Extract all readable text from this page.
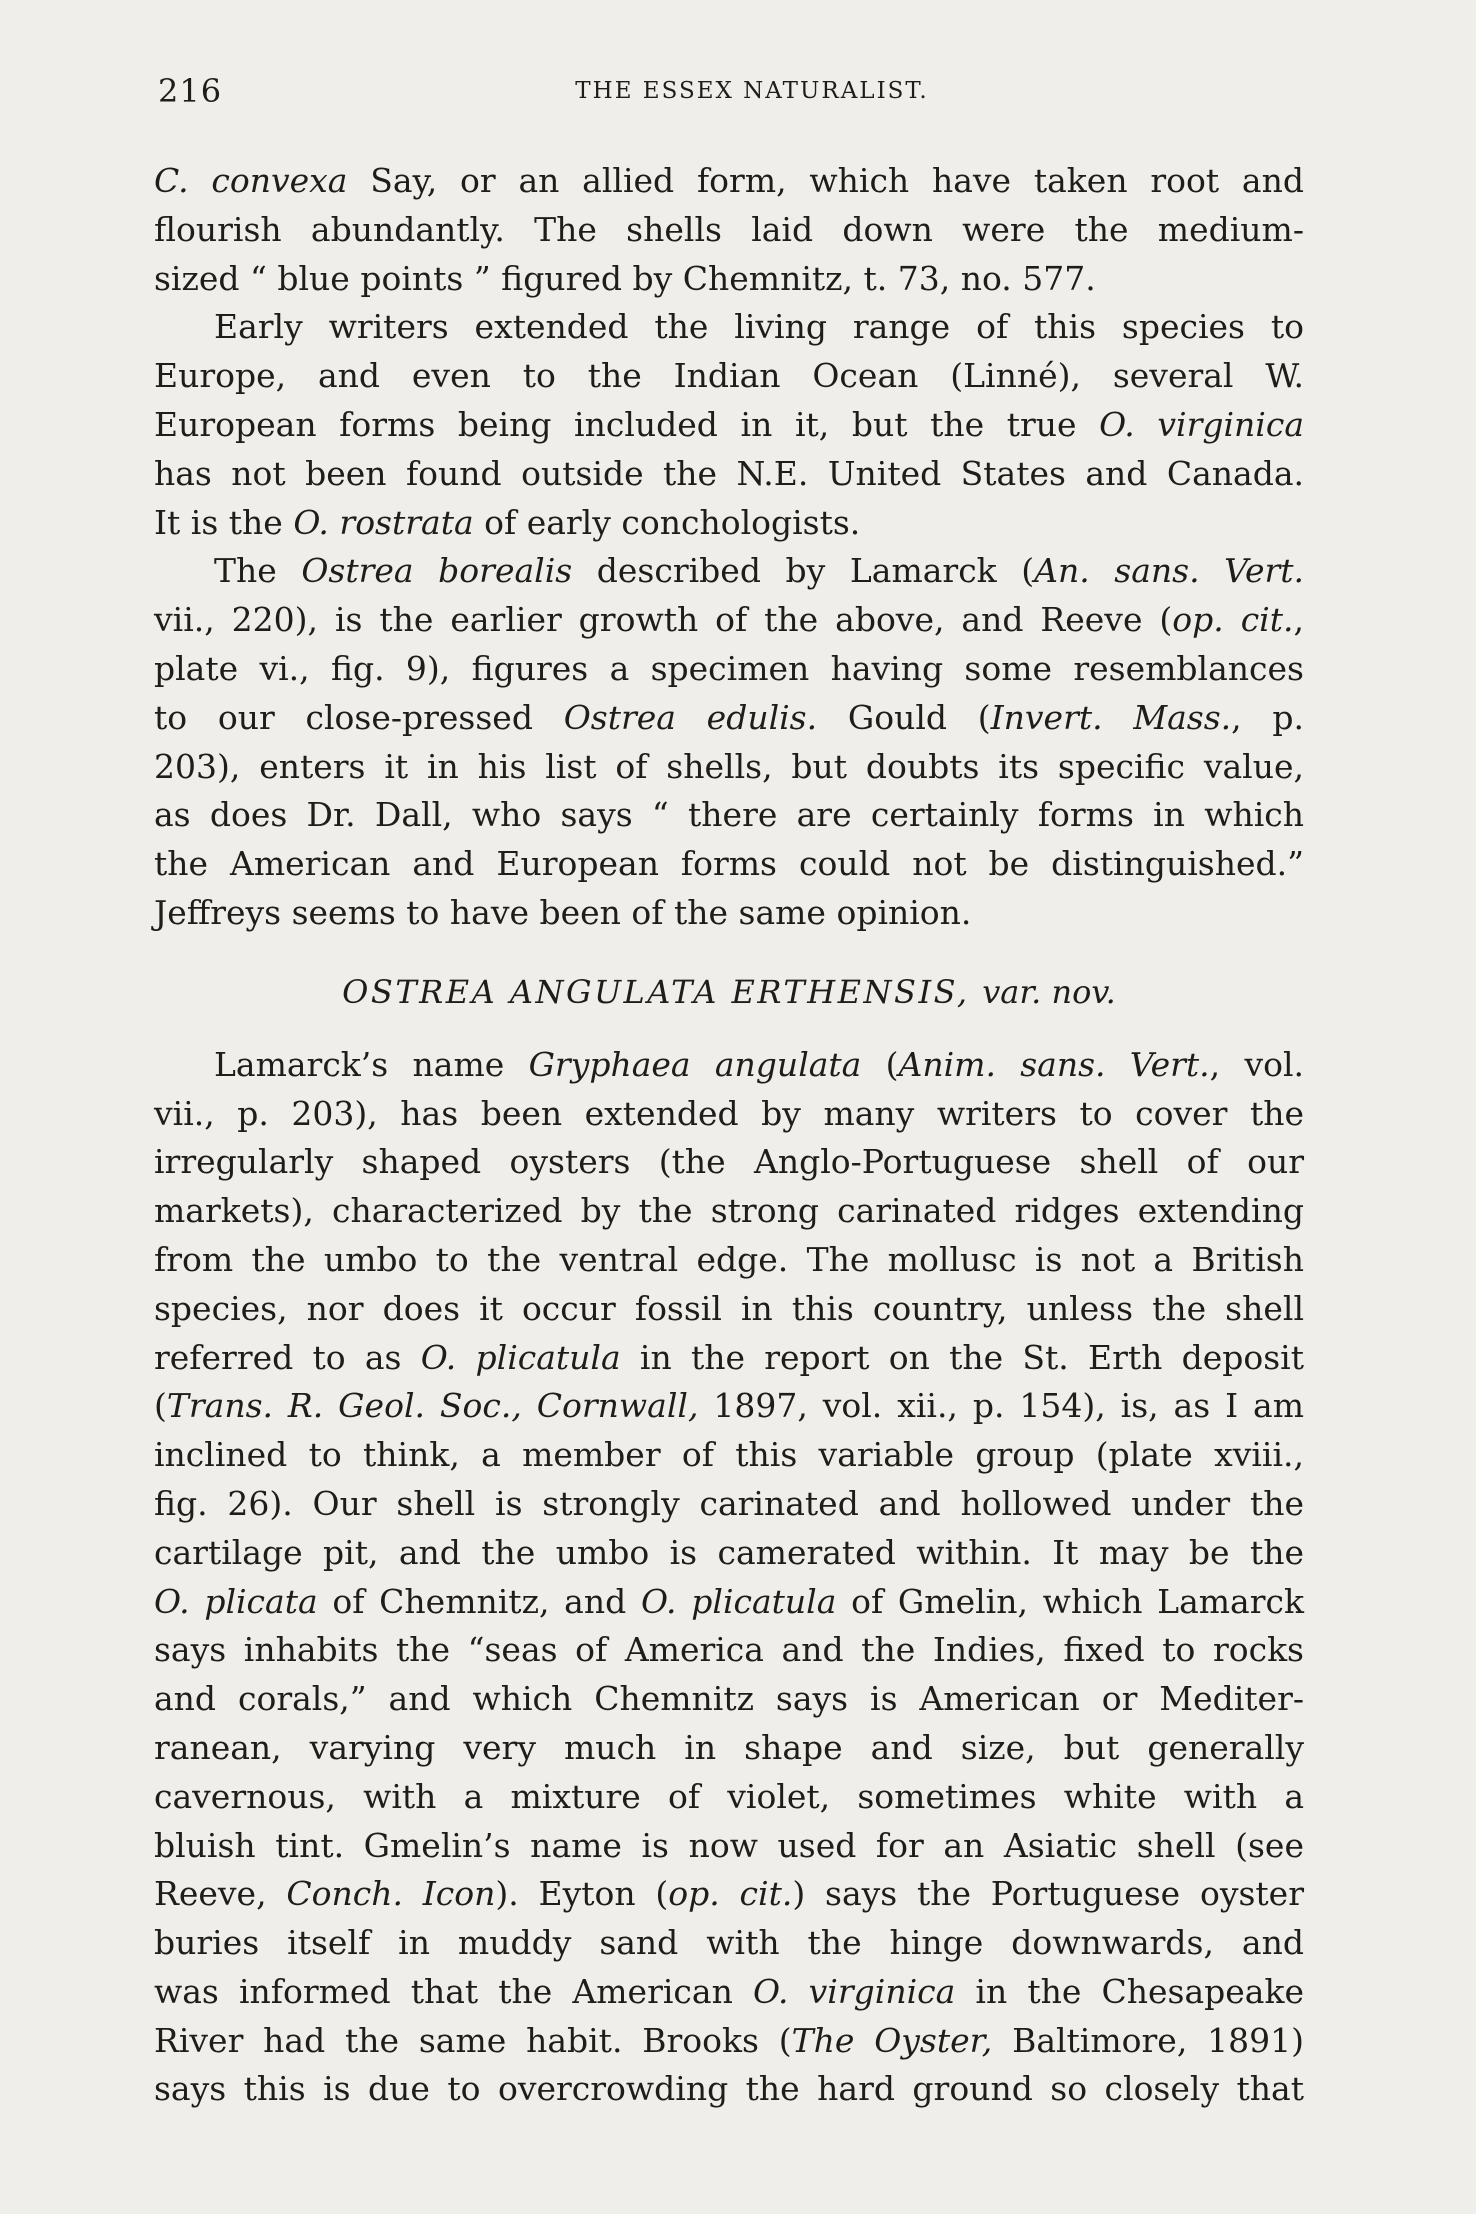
216	THE ESSEX NATURALIST.
C. convexa Say, or an allied form, which have taken root and
flourish abundantly. The shells laid down were the medium-
sized “ blue points ” figured by Chemnitz, t. 73, no. 577.
Early writers extended the living range of this species to
Europe, and even to the Indian Ocean (Linné), several W.
European forms being included in it, but the true O. virginica
has not been found outside the N.E. United States and Canada.
It is the O. rostrata of early conchologists.
The Ostrea borealis described by Lamarck (An. sans. Vert.
vii., 220), is the earlier growth of the above, and Reeve (op. cit.,
plate vi., fig. 9), figures a specimen having some resemblances
to our close-pressed Ostrea edulis. Gould (Invert. Mass., p.
203), enters it in his list of shells, but doubts its specific value,
as does Dr. Dall, who says “ there are certainly forms in which
the American and European forms could not be distinguished.”
Jeffreys seems to have been of the same opinion.
OSTREA ANGULATA ERTHENSIS, var. nov.
Lamarck’s name Gryphaea angulata (Anim. sans. Vert., vol.
vii., p. 203), has been extended by many writers to cover the
irregularly shaped oysters (the Anglo-Portuguese shell of our
markets), characterized by the strong carinated ridges extending
from the umbo to the ventral edge. The mollusc is not a British
species, nor does it occur fossil in this country, unless the shell
referred to as O. plicatula in the report on the St. Erth deposit
(Trans. R. Geol. Soc., Cornwall, 1897, vol. xii., p. 154), is, as I am
inclined to think, a member of this variable group (plate xviii.,
fig. 26). Our shell is strongly carinated and hollowed under the
cartilage pit, and the umbo is camerated within. It may be the
O. plicata of Chemnitz, and O. plicatula of Gmelin, which Lamarck
says inhabits the “seas of America and the Indies, fixed to rocks
and corals,” and which Chemnitz says is American or Mediter-
ranean, varying very much in shape and size, but generally
cavernous, with a mixture of violet, sometimes white with a
bluish tint. Gmelin’s name is now used for an Asiatic shell (see
Reeve, Conch. Icon). Eyton (op. cit.) says the Portuguese oyster
buries itself in muddy sand with the hinge downwards, and
was informed that the American O. virginica in the Chesapeake
River had the same habit. Brooks (The Oyster, Baltimore, 1891)
says this is due to overcrowding the hard ground so closely that
